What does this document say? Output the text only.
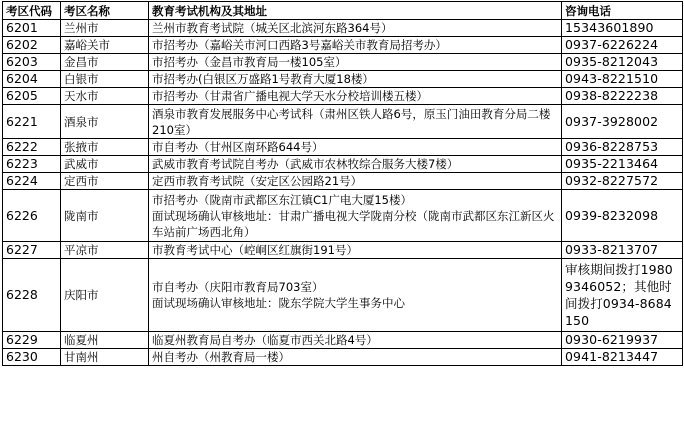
考区代码	考区名称	教育考试机构及其地址	咨询电话
6201	兰州市	兰州市教育考试院（城关区北滨河东路364号）	15343601890

6202	嘉峪关市	市招考办（嘉峪关市河口西路3号嘉峪关市教育局招考办）	0937-6226224

6203	金昌市	市招考办（金昌市教育局一楼105室）	0935-8212043

6204	白银市	市招考办(白银区万盛路1号教育大厦18楼）	0943-8221510

6205	天水市	市招考办（甘肃省广播电视大学天水分校培训楼五楼）	0938-8222238

6221	酒泉市	酒泉市教育发展服务中心考试科（肃州区铁人路6号，原玉门油田教育分局二楼210室）	0937-3928002

6222	张掖市	市自考办（甘州区南环路644号）	0936-8228753

6223	武威市	武威市教育考试院自考办（武威市农林牧综合服务大楼7楼）	0935-2213464

6224	定西市	定西市教育考试院（安定区公园路21号）	0932-8227572

6226	陇南市	市招考办（陇南市武都区东江镇C1广电大厦15楼）
面试现场确认审核地址：甘肃广播电视大学陇南分校（陇南市武都区东江新区火车站前广场西北角）	0939-8232098

6227	平凉市	市教育考试中心（崆峒区红旗街191号）	0933-8213707

6228	庆阳市	市自考办（庆阳市教育局703室）
面试现场确认审核地址：陇东学院大学生事务中心	审核期间拨打19809346052；其他时间拨打0934-8684150

6229	临夏州	临夏州教育局自考办（临夏市西关北路4号）	0930-6219937

6230	甘南州	州自考办（州教育局一楼）	0941-8213447
